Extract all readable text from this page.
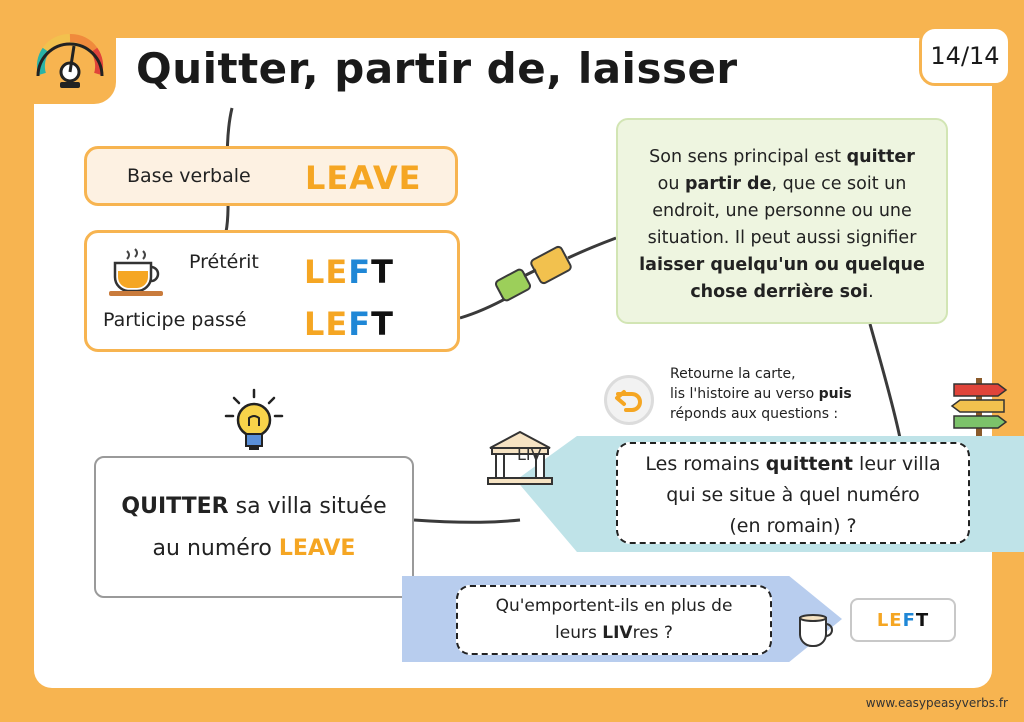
Quitter, partir de, laisser	14/14
Base verbale LEAVE
Prétérit LEFT
Participe passé LEFT
Son sens principal est quitter
ou partir de, que ce soit un endroit, une personne ou une situation. Il peut aussi signifier laisser quelqu'un ou quelque chose derrière soi.
Retourne la carte,
lis l'histoire au verso puis
réponds aux questions :
LIV	Les romains quittent leur villa
qui se situe à quel numéro
(en romain) ?
QUITTER sa villa située
au numéro LEAVE
Qu'emportent-ils en plus de
leurs LIVres ?
LE F T
www.easypeasyverbs.fr
